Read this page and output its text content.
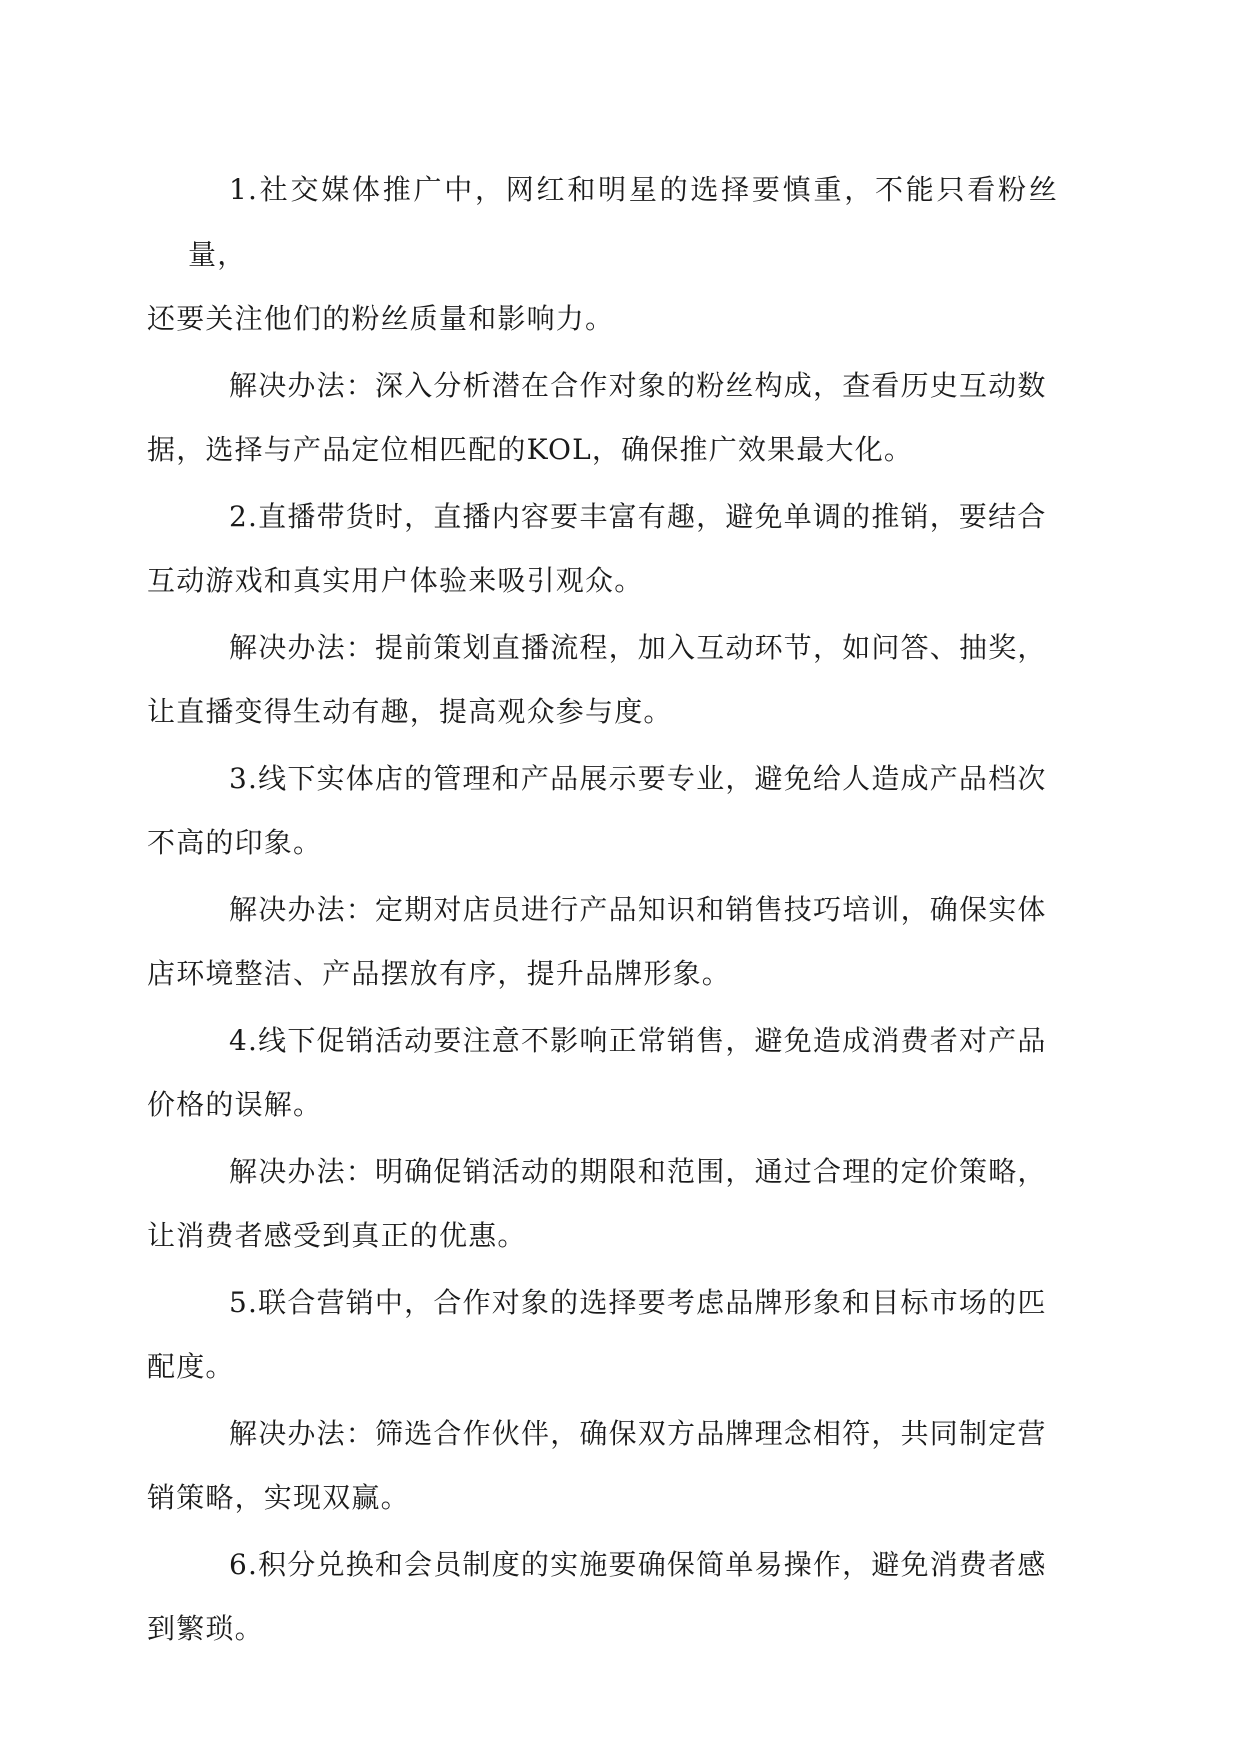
1.社交媒体推广中，网红和明星的选择要慎重，不能只看粉丝量，
还要关注他们的粉丝质量和影响力。

解决办法：深入分析潜在合作对象的粉丝构成，查看历史互动数
据，选择与产品定位相匹配的KOL，确保推广效果最大化。

2.直播带货时，直播内容要丰富有趣，避免单调的推销，要结合
互动游戏和真实用户体验来吸引观众。

解决办法：提前策划直播流程，加入互动环节，如问答、抽奖，
让直播变得生动有趣，提高观众参与度。

3.线下实体店的管理和产品展示要专业，避免给人造成产品档次
不高的印象。

解决办法：定期对店员进行产品知识和销售技巧培训，确保实体
店环境整洁、产品摆放有序，提升品牌形象。

4.线下促销活动要注意不影响正常销售，避免造成消费者对产品
价格的误解。

解决办法：明确促销活动的期限和范围，通过合理的定价策略，
让消费者感受到真正的优惠。

5.联合营销中，合作对象的选择要考虑品牌形象和目标市场的匹
配度。

解决办法：筛选合作伙伴，确保双方品牌理念相符，共同制定营
销策略，实现双赢。

6.积分兑换和会员制度的实施要确保简单易操作，避免消费者感
到繁琐。
